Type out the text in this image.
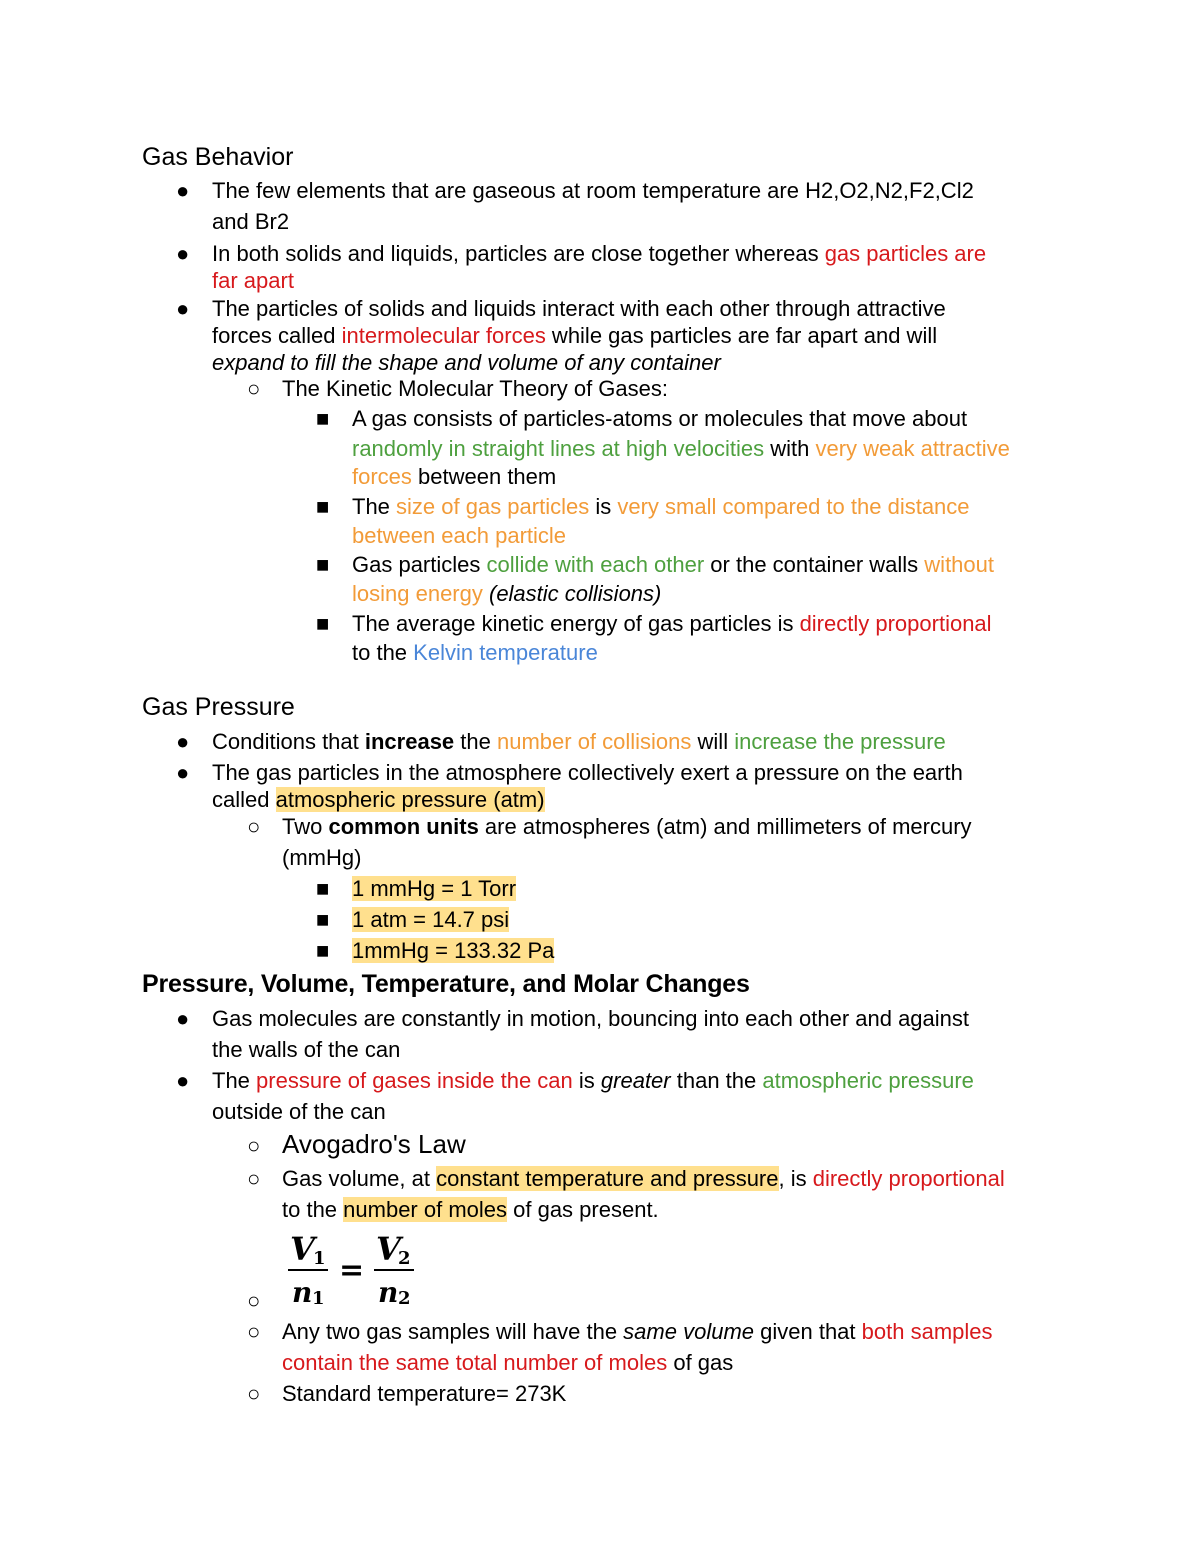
Gas Behavior
● The few elements that are gaseous at room temperature are H2,O2,N2,F2,Cl2

and Br2

● In both solids and liquids, particles are close together whereas gas particles are

far apart

● The particles of solids and liquids interact with each other through attractive

forces called intermolecular forces while gas particles are far apart and will

expand to fill the shape and volume of any container

○ The Kinetic Molecular Theory of Gases:

■ A gas consists of particles-atoms or molecules that move about

randomly in straight lines at high velocities with very weak attractive

forces between them

■ The size of gas particles is very small compared to the distance

between each particle

■ Gas particles collide with each other or the container walls without

losing energy (elastic collisions)

■ The average kinetic energy of gas particles is directly proportional

to the Kelvin temperature

Gas Pressure
● Conditions that increase the number of collisions will increase the pressure

● The gas particles in the atmosphere collectively exert a pressure on the earth

called atmospheric pressure (atm)

○ Two common units are atmospheres (atm) and millimeters of mercury

(mmHg)

■ 1 mmHg = 1 Torr

■ 1 atm = 14.7 psi

■ 1mmHg = 133.32 Pa

Pressure, Volume, Temperature, and Molar Changes
● Gas molecules are constantly in motion, bouncing into each other and against

the walls of the can

● The pressure of gases inside the can is greater than the atmospheric pressure

outside of the can

○ Avogadro's Law
○ Gas volume, at constant temperature and pressure, is directly proportional

to the number of moles of gas present.

○
V
1
n 1
V
2
n 2
=
○ Any two gas samples will have the same volume given that both samples

contain the same total number of moles of gas

○ Standard temperature= 273K
